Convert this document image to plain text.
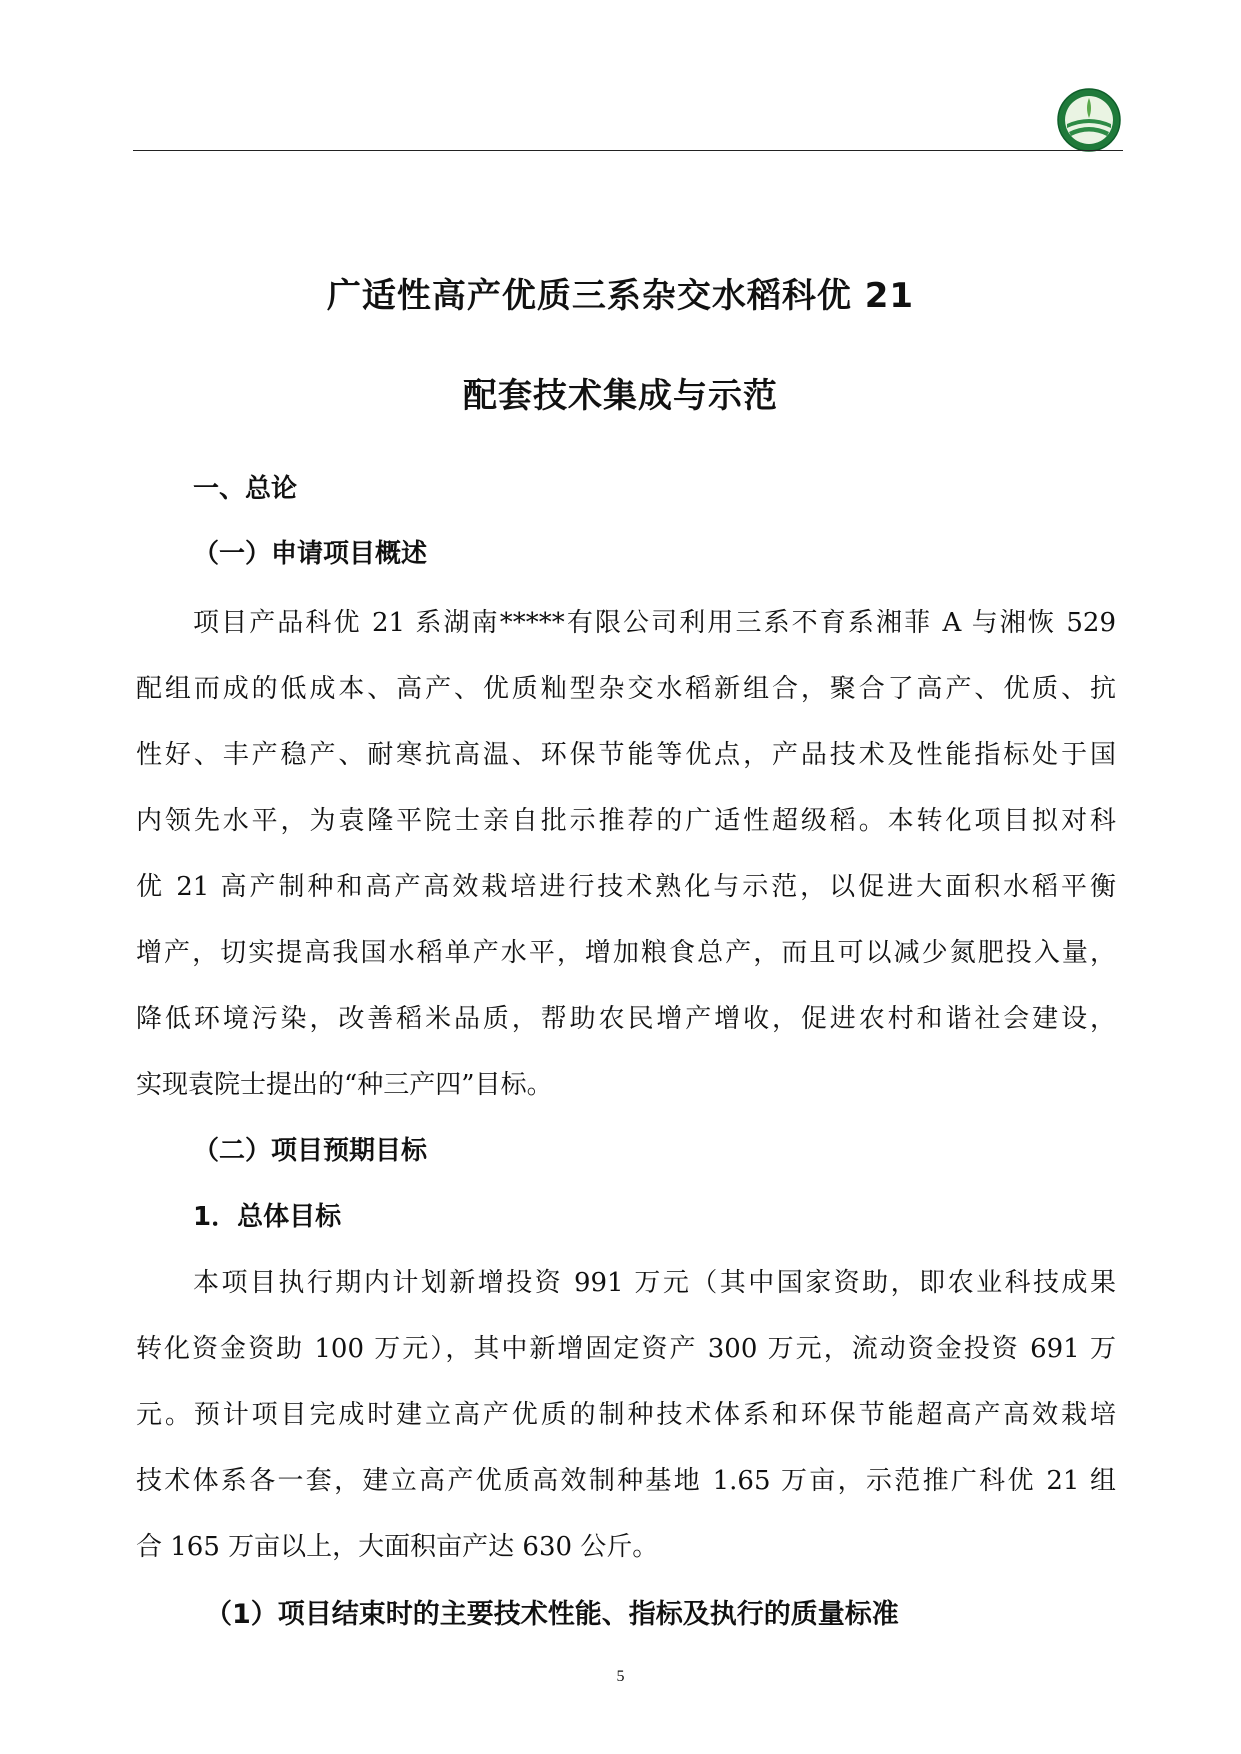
广适性高产优质三系杂交水稻科优 21
配套技术集成与示范
一、总论
（一）申请项目概述
项目产品科优 21 系湖南*****有限公司利用三系不育系湘菲 A 与湘恢 529
配组而成的低成本、高产、优质籼型杂交水稻新组合，聚合了高产、优质、抗
性好、丰产稳产、耐寒抗高温、环保节能等优点，产品技术及性能指标处于国
内领先水平，为袁隆平院士亲自批示推荐的广适性超级稻。本转化项目拟对科
优 21 高产制种和高产高效栽培进行技术熟化与示范，以促进大面积水稻平衡
增产，切实提高我国水稻单产水平，增加粮食总产，而且可以减少氮肥投入量，
降低环境污染，改善稻米品质，帮助农民增产增收，促进农村和谐社会建设，
实现袁院士提出的“种三产四”目标。
（二）项目预期目标
1．总体目标
本项目执行期内计划新增投资 991 万元（其中国家资助，即农业科技成果
转化资金资助 100 万元），其中新增固定资产 300 万元，流动资金投资 691 万
元。预计项目完成时建立高产优质的制种技术体系和环保节能超高产高效栽培
技术体系各一套，建立高产优质高效制种基地 1.65 万亩，示范推广科优 21 组
合 165 万亩以上，大面积亩产达 630 公斤。
（1）项目结束时的主要技术性能、指标及执行的质量标准
5
